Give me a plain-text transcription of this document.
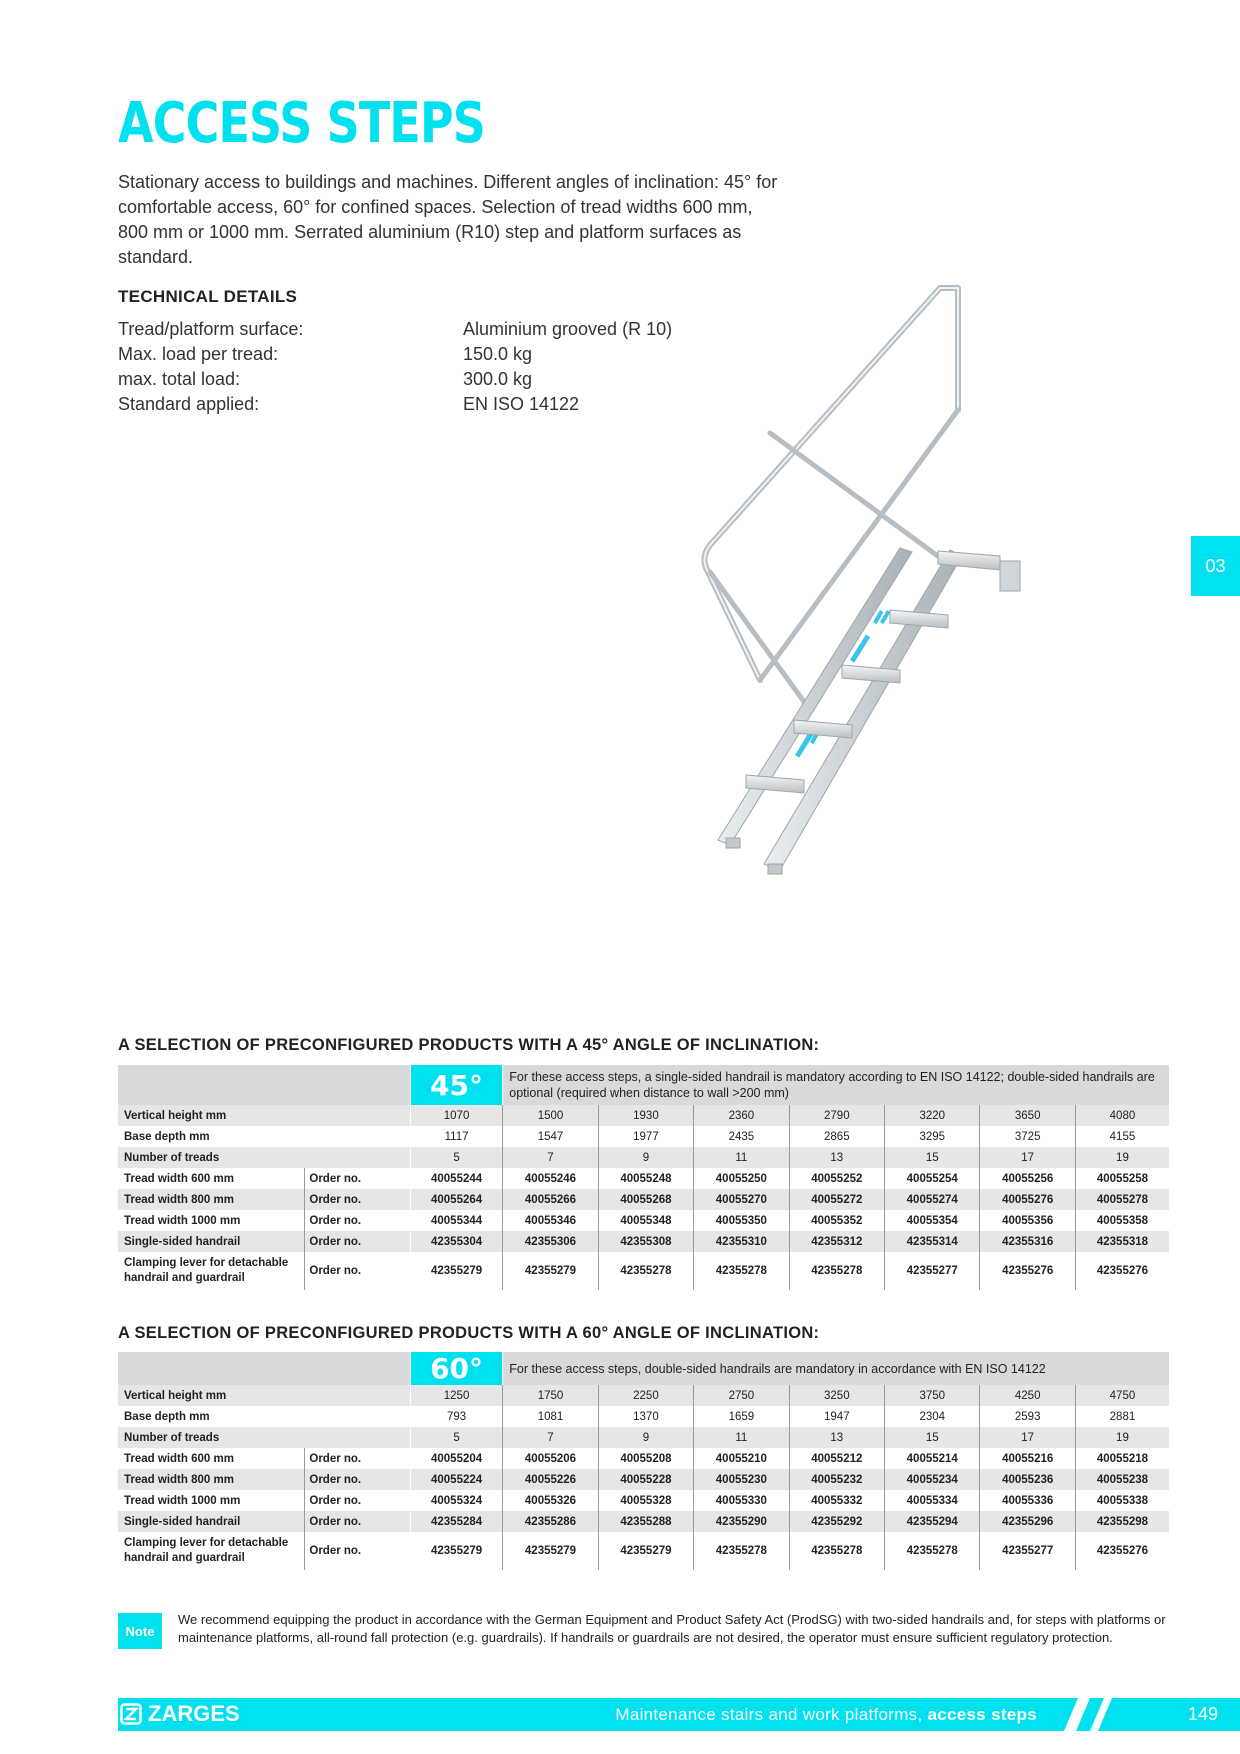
ACCESS STEPS
Stationary access to buildings and machines. Different angles of inclination: 45° for comfortable access, 60° for confined spaces. Selection of tread widths 600 mm, 800 mm or 1000 mm. Serrated aluminium (R10) step and platform surfaces as standard.
TECHNICAL DETAILS
Tread/platform surface:	Aluminium grooved (R 10)
Max. load per tread:	150.0 kg
max. total load:	300.0 kg
Standard applied:	EN ISO 14122
03
A SELECTION OF PRECONFIGURED PRODUCTS WITH A 45° ANGLE OF INCLINATION:
		45°	For these access steps, a single-sided handrail is mandatory according to EN ISO 14122; double-sided handrails are optional (required when distance to wall >200 mm)						
Vertical height mm		1070	1500	1930	2360	2790	3220	3650	4080
Base depth mm		1117	1547	1977	2435	2865	3295	3725	4155
Number of treads		5	7	9	11	13	15	17	19
Tread width 600 mm	Order no.	40055244	40055246	40055248	40055250	40055252	40055254	40055256	40055258
Tread width 800 mm	Order no.	40055264	40055266	40055268	40055270	40055272	40055274	40055276	40055278
Tread width 1000 mm	Order no.	40055344	40055346	40055348	40055350	40055352	40055354	40055356	40055358
Single-sided handrail	Order no.	42355304	42355306	42355308	42355310	42355312	42355314	42355316	42355318
Clamping lever for detachable handrail and guardrail	Order no.	42355279	42355279	42355278	42355278	42355278	42355277	42355276	42355276
A SELECTION OF PRECONFIGURED PRODUCTS WITH A 60° ANGLE OF INCLINATION:
		60°	For these access steps, double-sided handrails are mandatory in accordance with EN ISO 14122						
Vertical height mm		1250	1750	2250	2750	3250	3750	4250	4750
Base depth mm		793	1081	1370	1659	1947	2304	2593	2881
Number of treads		5	7	9	11	13	15	17	19
Tread width 600 mm	Order no.	40055204	40055206	40055208	40055210	40055212	40055214	40055216	40055218
Tread width 800 mm	Order no.	40055224	40055226	40055228	40055230	40055232	40055234	40055236	40055238
Tread width 1000 mm	Order no.	40055324	40055326	40055328	40055330	40055332	40055334	40055336	40055338
Single-sided handrail	Order no.	42355284	42355286	42355288	42355290	42355292	42355294	42355296	42355298
Clamping lever for detachable handrail and guardrail	Order no.	42355279	42355279	42355279	42355278	42355278	42355278	42355277	42355276
Note
We recommend equipping the product in accordance with the German Equipment and Product Safety Act (ProdSG) with two-sided handrails and, for steps with platforms or maintenance platforms, all-round fall protection (e.g. guardrails). If handrails or guardrails are not desired, the operator must ensure sufficient regulatory protection.
ZARGES	Maintenance stairs and work platforms, access steps	149
